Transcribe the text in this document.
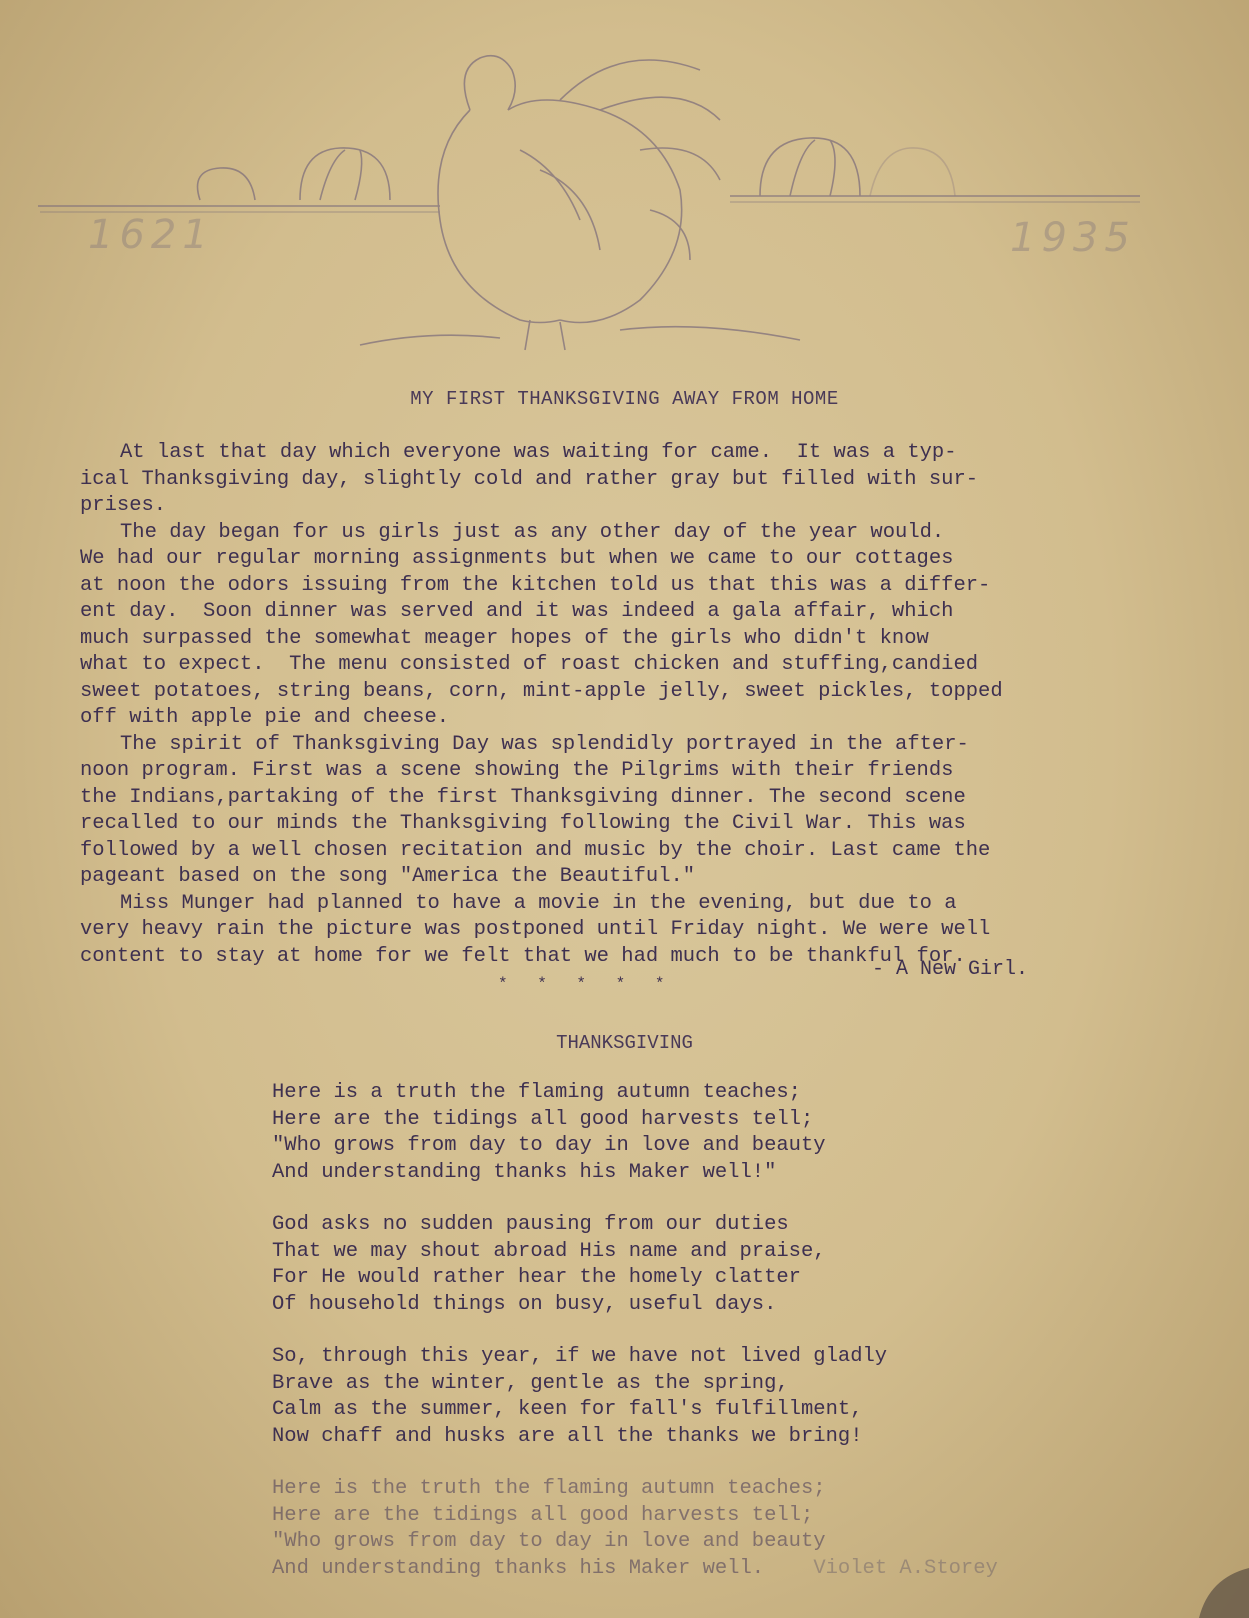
1621	1935
MY FIRST THANKSGIVING AWAY FROM HOME

At last that day which everyone was waiting for came.  It was a typ-
ical Thanksgiving day, slightly cold and rather gray but filled with sur-
prises.

The day began for us girls just as any other day of the year would.
We had our regular morning assignments but when we came to our cottages
at noon the odors issuing from the kitchen told us that this was a differ-
ent day.  Soon dinner was served and it was indeed a gala affair, which
much surpassed the somewhat meager hopes of the girls who didn't know
what to expect.  The menu consisted of roast chicken and stuffing,candied
sweet potatoes, string beans, corn, mint-apple jelly, sweet pickles, topped
off with apple pie and cheese.

The spirit of Thanksgiving Day was splendidly portrayed in the after-
noon program. First was a scene showing the Pilgrims with their friends
the Indians,partaking of the first Thanksgiving dinner. The second scene
recalled to our minds the Thanksgiving following the Civil War. This was
followed by a well chosen recitation and music by the choir. Last came the
pageant based on the song "America the Beautiful."

Miss Munger had planned to have a movie in the evening, but due to a
very heavy rain the picture was postponed until Friday night. We were well
content to stay at home for we felt that we had much to be thankful for.

- A New Girl.
* * * * *
THANKSGIVING
Here is a truth the flaming autumn teaches;
Here are the tidings all good harvests tell;
"Who grows from day to day in love and beauty
And understanding thanks his Maker well!"
God asks no sudden pausing from our duties
That we may shout abroad His name and praise,
For He would rather hear the homely clatter
Of household things on busy, useful days.
So, through this year, if we have not lived gladly
Brave as the winter, gentle as the spring,
Calm as the summer, keen for fall's fulfillment,
Now chaff and husks are all the thanks we bring!
Here is the truth the flaming autumn teaches;
Here are the tidings all good harvests tell;
"Who grows from day to day in love and beauty
And understanding thanks his Maker well. Violet A.Storey
